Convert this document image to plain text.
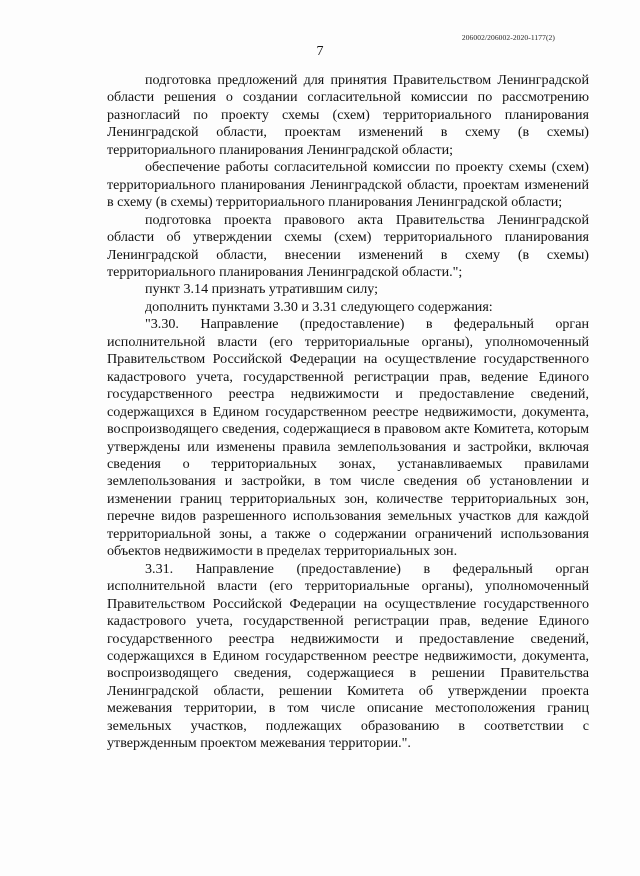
206002/206002-2020-1177(2)
7

подготовка предложений для принятия Правительством Ленинградской области решения о создании согласительной комиссии по рассмотрению разногласий по проекту схемы (схем) территориального планирования Ленинградской области, проектам изменений в схему (в схемы) территориального планирования Ленинградской области;

обеспечение работы согласительной комиссии по проекту схемы (схем) территориального планирования Ленинградской области, проектам изменений в схему (в схемы) территориального планирования Ленинградской области;

подготовка проекта правового акта Правительства Ленинградской области об утверждении схемы (схем) территориального планирования Ленинградской области, внесении изменений в схему (в схемы) территориального планирования Ленинградской области.";

пункт 3.14 признать утратившим силу;

дополнить пунктами 3.30 и 3.31 следующего содержания:

"3.30. Направление (предоставление) в федеральный орган исполнительной власти (его территориальные органы), уполномоченный Правительством Российской Федерации на осуществление государственного кадастрового учета, государственной регистрации прав, ведение Единого государственного реестра недвижимости и предоставление сведений, содержащихся в Едином государственном реестре недвижимости, документа, воспроизводящего сведения, содержащиеся в правовом акте Комитета, которым утверждены или изменены правила землепользования и застройки, включая сведения о территориальных зонах, устанавливаемых правилами землепользования и застройки, в том числе сведения об установлении и изменении границ территориальных зон, количестве территориальных зон, перечне видов разрешенного использования земельных участков для каждой территориальной зоны, а также о содержании ограничений использования объектов недвижимости в пределах территориальных зон.

3.31. Направление (предоставление) в федеральный орган исполнительной власти (его территориальные органы), уполномоченный Правительством Российской Федерации на осуществление государственного кадастрового учета, государственной регистрации прав, ведение Единого государственного реестра недвижимости и предоставление сведений, содержащихся в Едином государственном реестре недвижимости, документа, воспроизводящего сведения, содержащиеся в решении Правительства Ленинградской области, решении Комитета об утверждении проекта межевания территории, в том числе описание местоположения границ земельных участков, подлежащих образованию в соответствии с утвержденным проектом межевания территории.".
